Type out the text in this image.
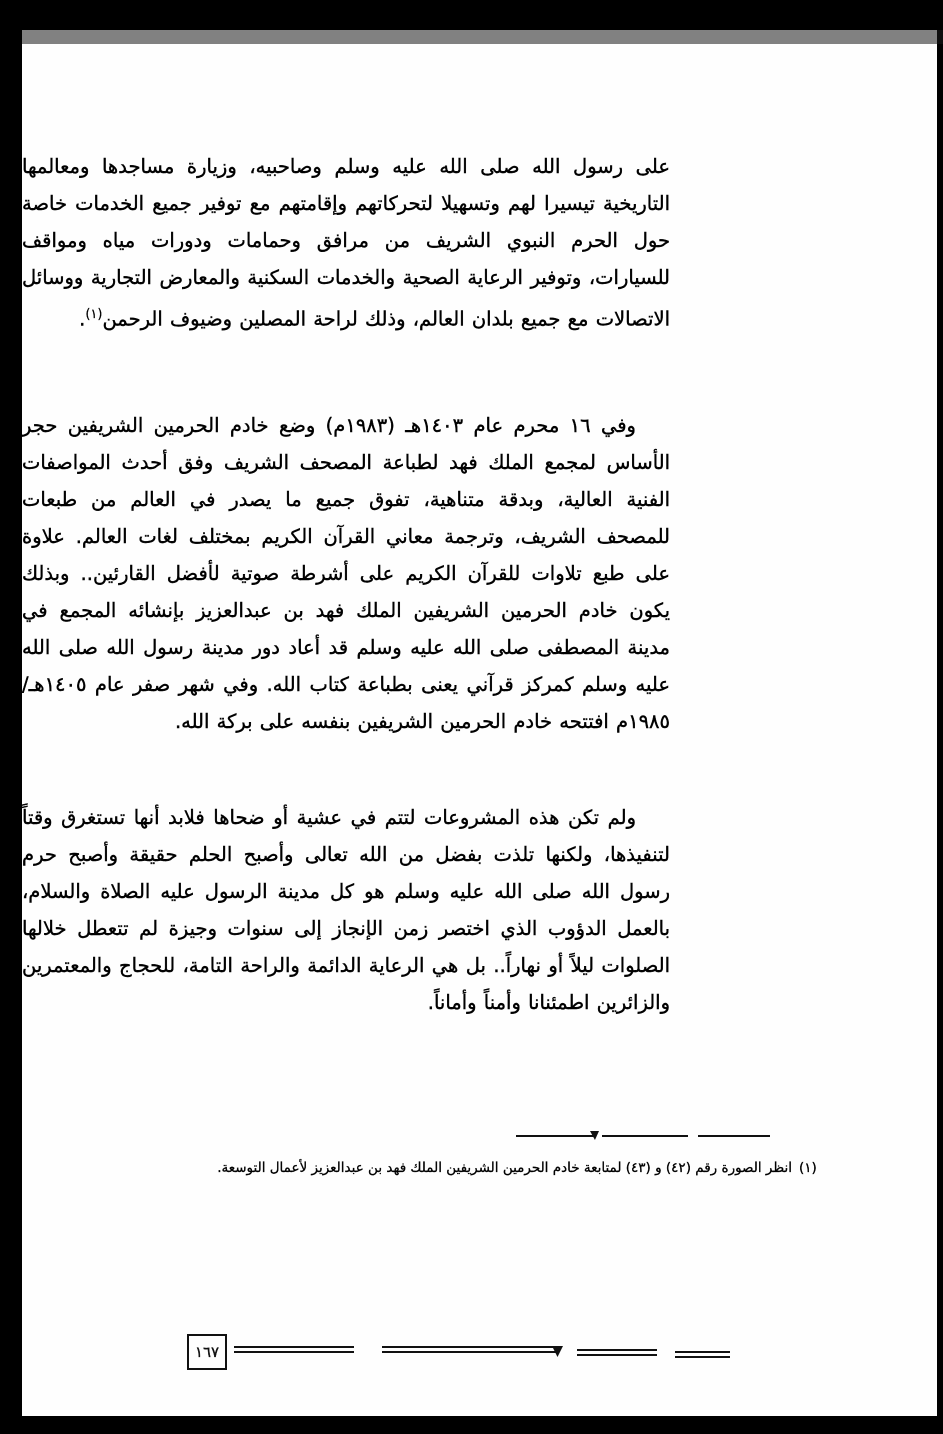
على رسول الله صلى الله عليه وسلم وصاحبيه، وزيارة مساجدها ومعالمها التاريخية تيسيرا لهم وتسهيلا لتحركاتهم وإقامتهم مع توفير جميع الخدمات خاصة حول الحرم النبوي الشريف من مرافق وحمامات ودورات مياه ومواقف للسيارات، وتوفير الرعاية الصحية والخدمات السكنية والمعارض التجارية ووسائل الاتصالات مع جميع بلدان العالم، وذلك لراحة المصلين وضيوف الرحمن$^{(١)}$.

وفي ١٦ محرم عام ١٤٠٣هـ (١٩٨٣م) وضع خادم الحرمين الشريفين حجر الأساس لمجمع الملك فهد لطباعة المصحف الشريف وفق أحدث المواصفات الفنية العالية، وبدقة متناهية، تفوق جميع ما يصدر في العالم من طبعات للمصحف الشريف، وترجمة معاني القرآن الكريم بمختلف لغات العالم. علاوة على طبع تلاوات للقرآن الكريم على أشرطة صوتية لأفضل القارئين.. وبذلك يكون خادم الحرمين الشريفين الملك فهد بن عبدالعزيز بإنشائه المجمع في مدينة المصطفى صلى الله عليه وسلم قد أعاد دور مدينة رسول الله صلى الله عليه وسلم كمركز قرآني يعنى بطباعة كتاب الله. وفي شهر صفر عام ١٤٠٥هـ/ ١٩٨٥م افتتحه خادم الحرمين الشريفين بنفسه على بركة الله.

ولم تكن هذه المشروعات لتتم في عشية أو ضحاها فلابد أنها تستغرق وقتاً لتنفيذها، ولكنها تلذت بفضل من الله تعالى وأصبح الحلم حقيقة وأصبح حرم رسول الله صلى الله عليه وسلم هو كل مدينة الرسول عليه الصلاة والسلام، بالعمل الدؤوب الذي اختصر زمن الإنجاز إلى سنوات وجيزة لم تتعطل خلالها الصلوات ليلاً أو نهاراً.. بل هي الرعاية الدائمة والراحة التامة، للحجاج والمعتمرين والزائرين اطمئنانا وأمناً وأماناً.

(١)انظر الصورة رقم (٤٢) و (٤٣) لمتابعة خادم الحرمين الشريفين الملك فهد بن عبدالعزيز لأعمال التوسعة.
١٦٧
